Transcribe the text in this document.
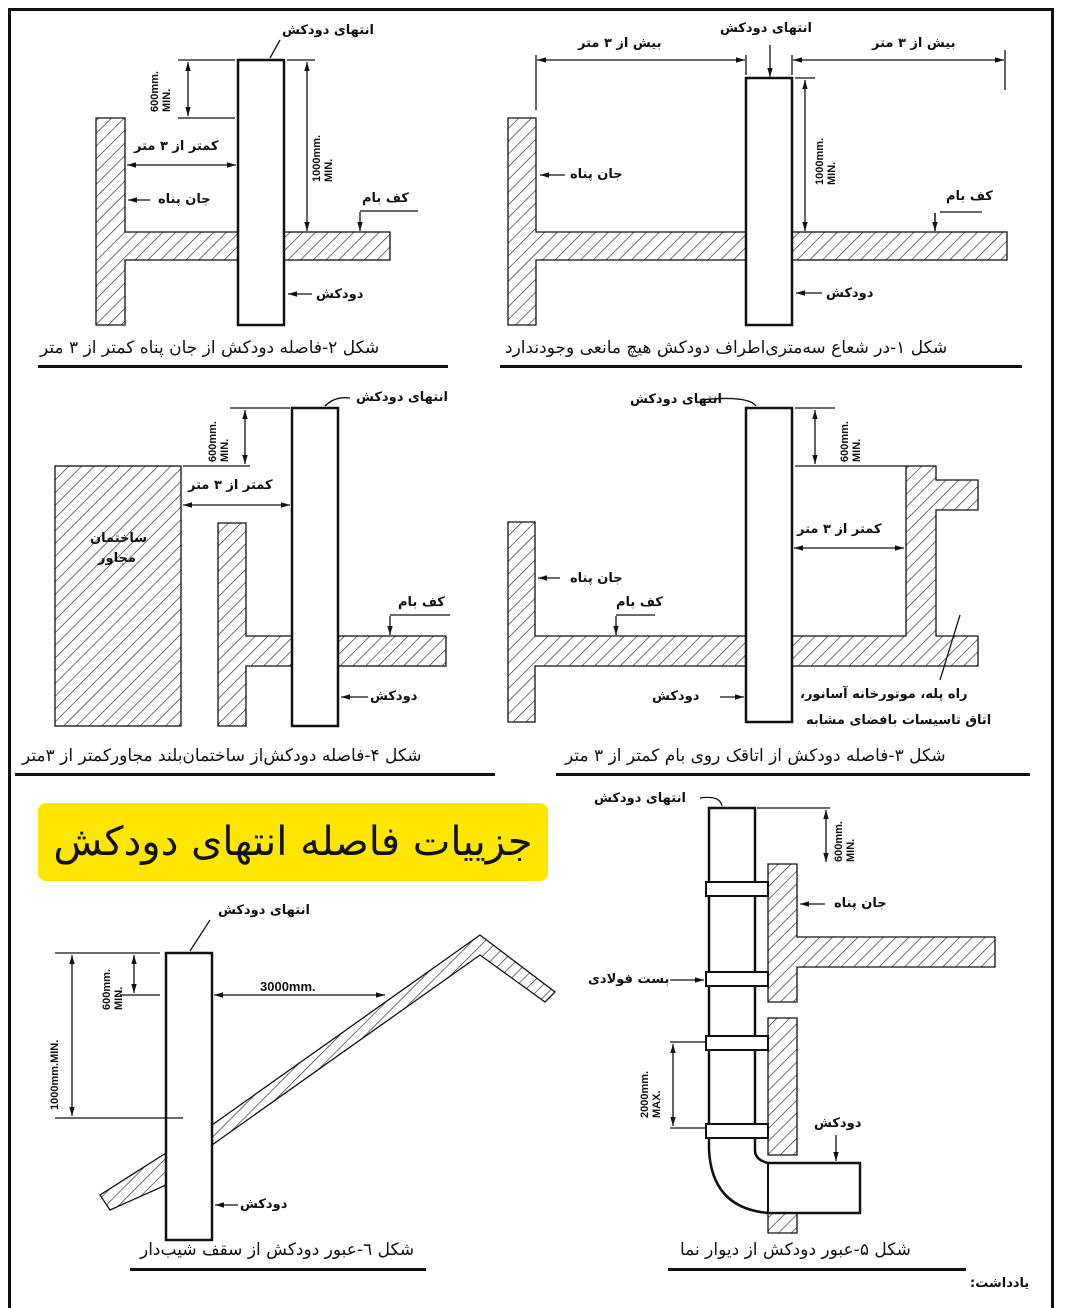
انتهای دودکش
بیش از ۳ متر	بیش از ۳ متر
جان پناه
کف بام
دودکش
1000mm. MIN.
انتهای دودکش
کمتر از ۳ متر
جان پناه	کف بام
دودکش
600mm. MIN.
1000mm. MIN.
انتهای دودکش
کمتر از ۳ متر
جان پناه
کف بام
دودکش	راه پله، موتورخانه آسانور،
اتاق تاسیسات بافضای مشابه
600mm. MIN.
انتهای دودکش
کمتر از ۳ متر
ساختمان
مجاور
کف بام
دودکش
600mm. MIN.
انتهای دودکش
3000mm.
دودکش
600mm. MIN.
1000mm.MIN.
انتهای دودکش
جان پناه
بست فولادی
دودکش
600mm. MIN.
2000mm. MAX.
شکل ۱-در شعاع سه‌متری‌اطراف دودکش هیچ مانعی وجودندارد
شکل ۲-فاصله دودکش از جان پناه کمتر از ۳ متر
شکل ۳-فاصله دودکش از اتاقک روی بام کمتر از ۳ متر
شکل ۴-فاصله دودکش‌از ساختمان‌بلند مجاورکمتر از ۳متر
شکل ۵-عبور دودکش از دیوار نما
شکل ٦-عبور دودکش از سقف شیب‌دار
یادداشت:
جزییات فاصله انتهای دودکش
